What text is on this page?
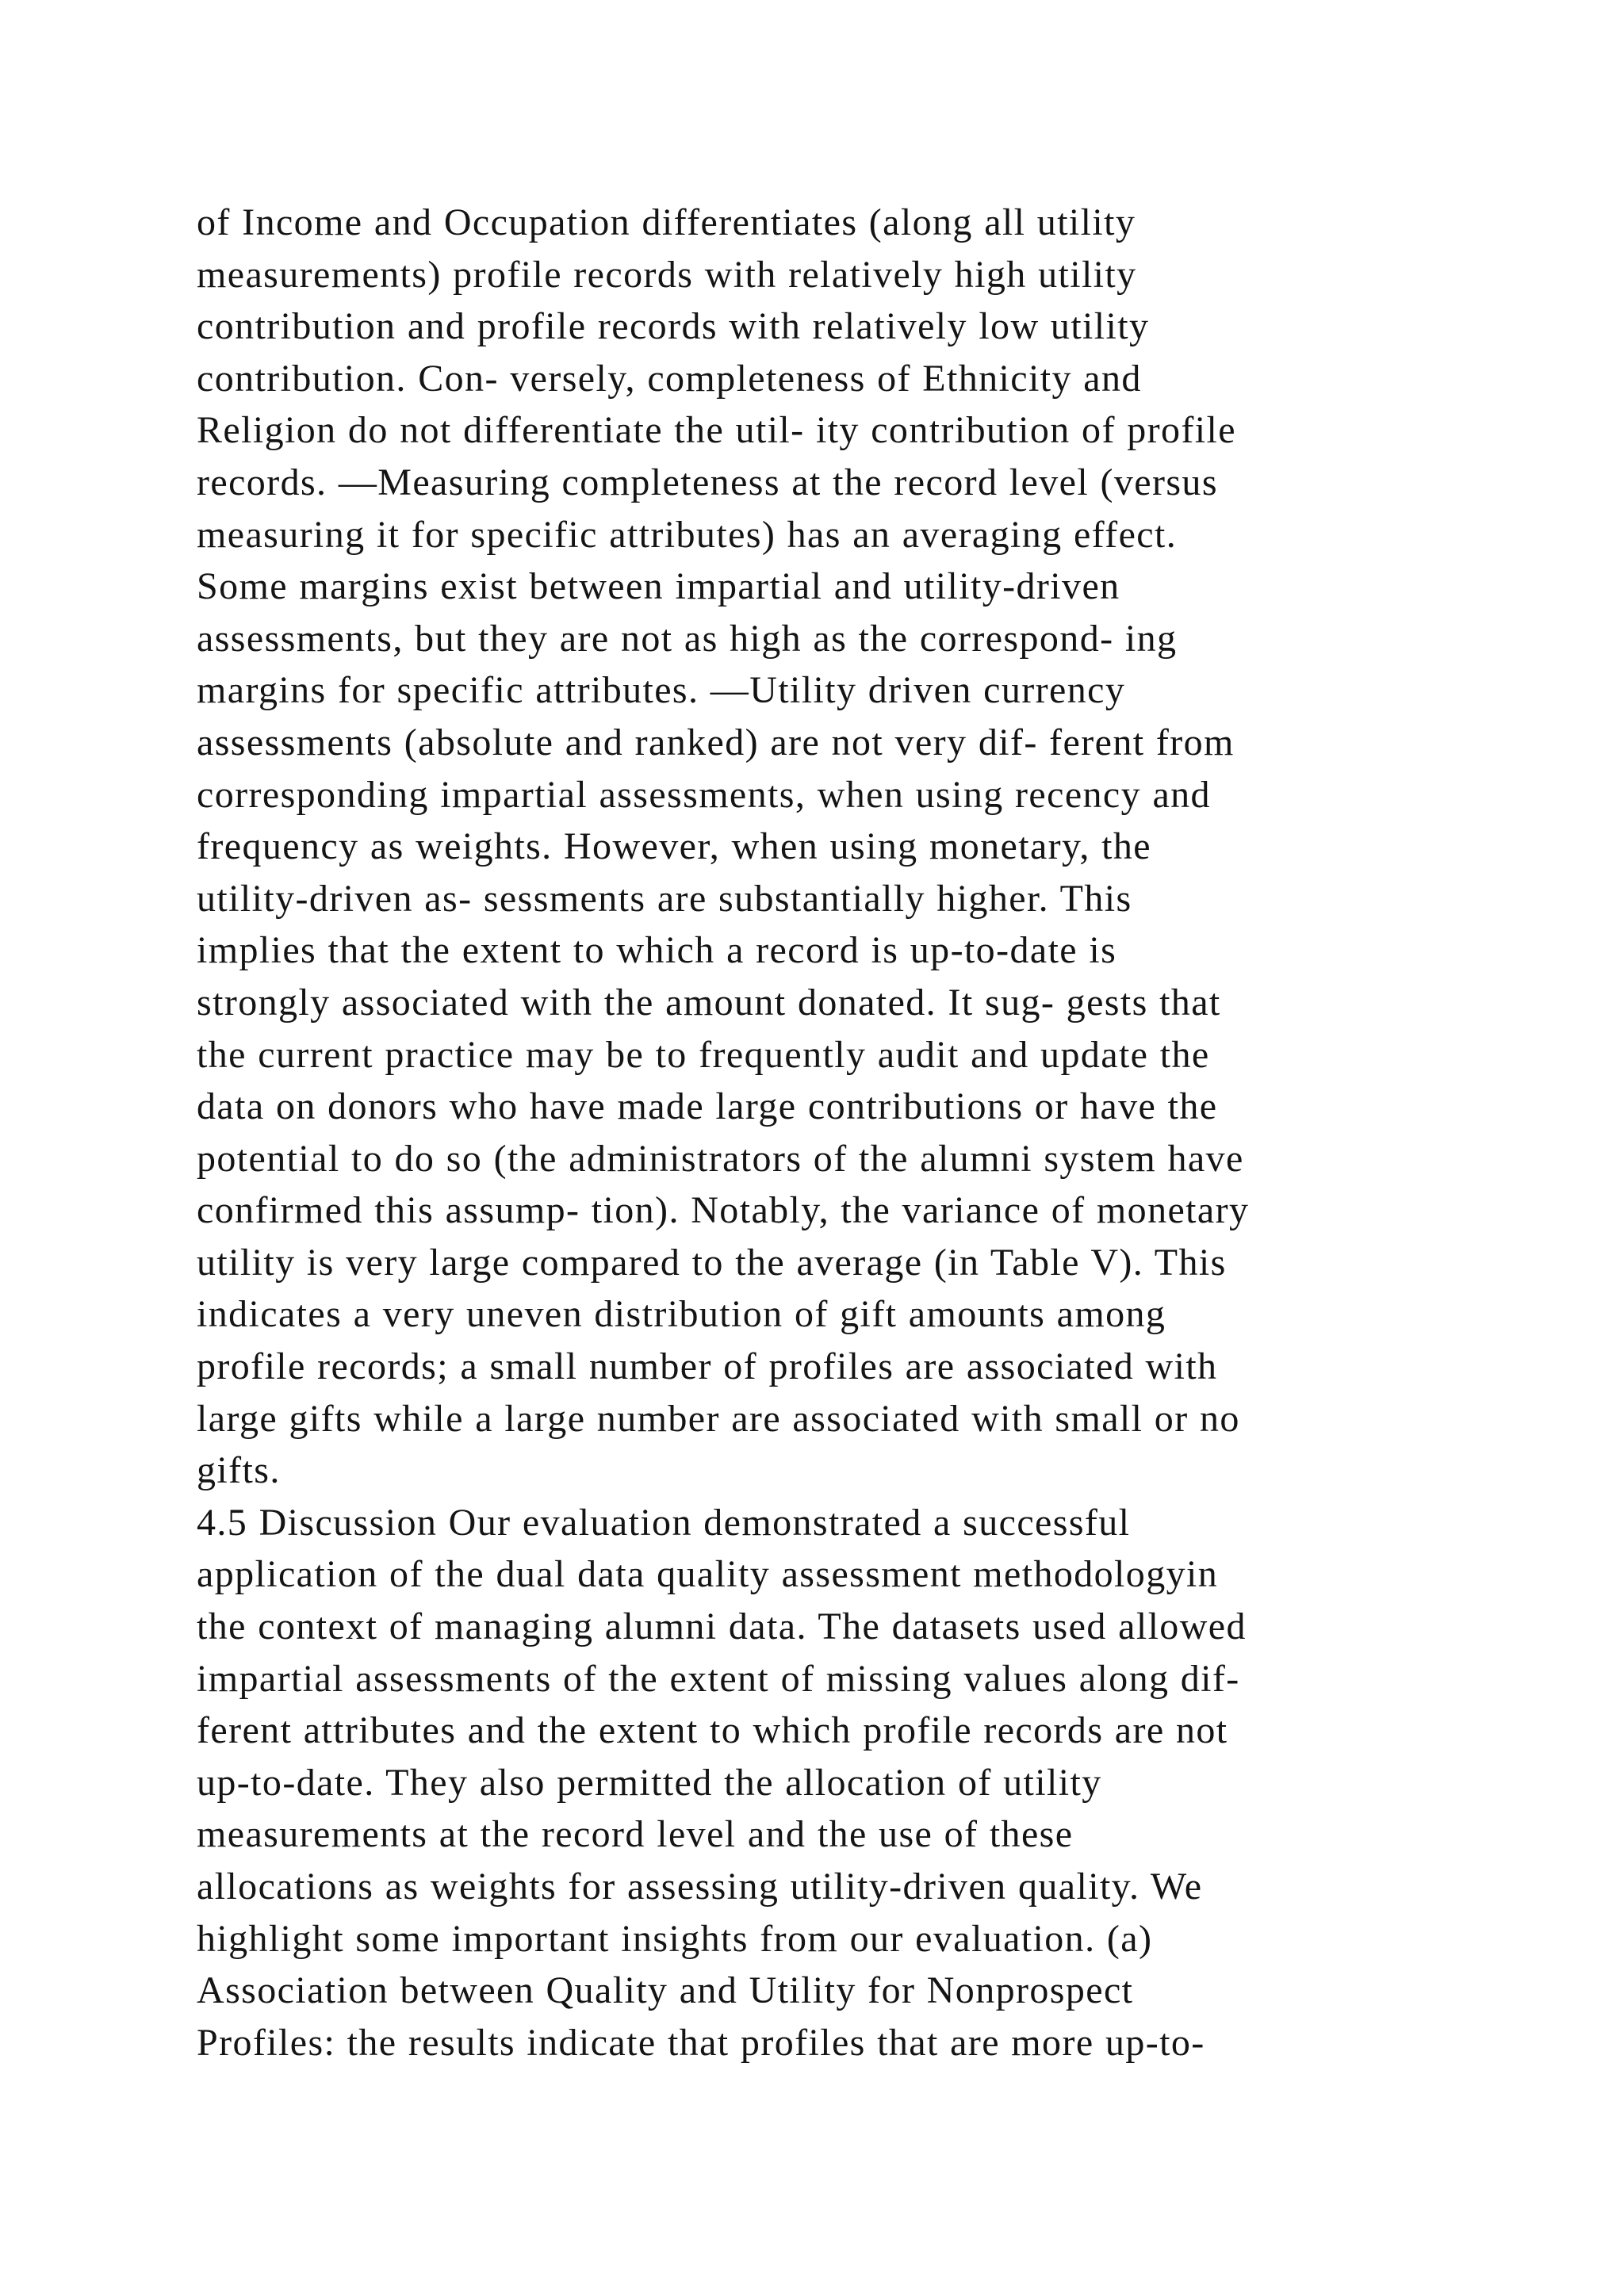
of Income and Occupation differentiates (along all utility
measurements) profile records with relatively high utility
contribution and profile records with relatively low utility
contribution. Con- versely, completeness of Ethnicity and
Religion do not differentiate the util- ity contribution of profile
records. —Measuring completeness at the record level (versus
measuring it for specific attributes) has an averaging effect.
Some margins exist between impartial and utility-driven
assessments, but they are not as high as the correspond- ing
margins for specific attributes. —Utility driven currency
assessments (absolute and ranked) are not very dif- ferent from
corresponding impartial assessments, when using recency and
frequency as weights. However, when using monetary, the
utility-driven as- sessments are substantially higher. This
implies that the extent to which a record is up-to-date is
strongly associated with the amount donated. It sug- gests that
the current practice may be to frequently audit and update the
data on donors who have made large contributions or have the
potential to do so (the administrators of the alumni system have
confirmed this assump- tion). Notably, the variance of monetary
utility is very large compared to the average (in Table V). This
indicates a very uneven distribution of gift amounts among
profile records; a small number of profiles are associated with
large gifts while a large number are associated with small or no
gifts.
4.5 Discussion Our evaluation demonstrated a successful
application of the dual data quality assessment methodologyin
the context of managing alumni data. The datasets used allowed
impartial assessments of the extent of missing values along dif-
ferent attributes and the extent to which profile records are not
up-to-date. They also permitted the allocation of utility
measurements at the record level and the use of these
allocations as weights for assessing utility-driven quality. We
highlight some important insights from our evaluation. (a)
Association between Quality and Utility for Nonprospect
Profiles: the results indicate that profiles that are more up-to-
